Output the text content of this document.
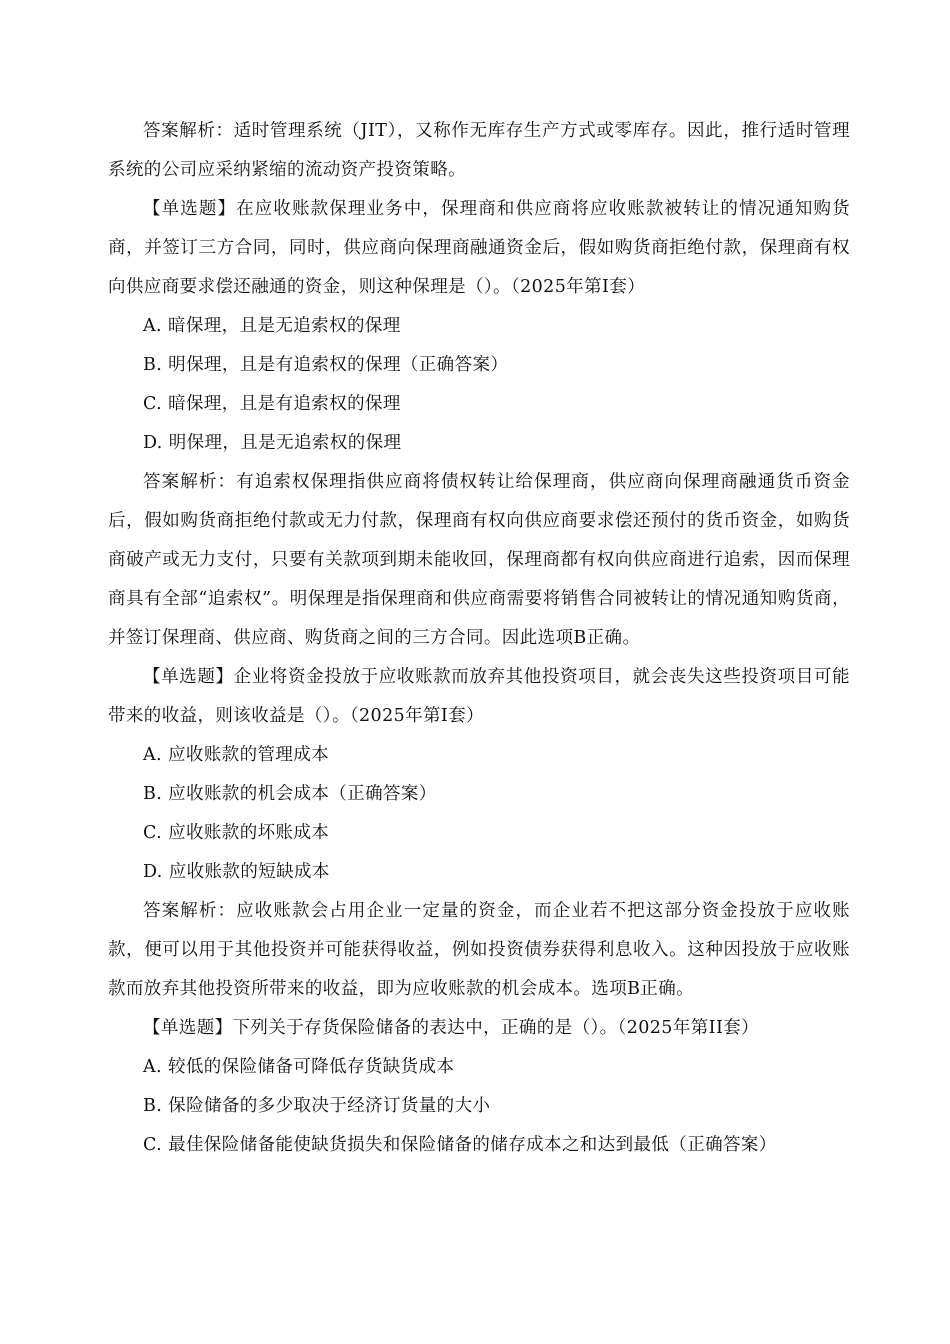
答案解析：适时管理系统（JIT），又称作无库存生产方式或零库存。因此，推行适时管理系统的公司应采纳紧缩的流动资产投资策略。

【单选题】在应收账款保理业务中，保理商和供应商将应收账款被转让的情况通知购货商，并签订三方合同，同时，供应商向保理商融通资金后，假如购货商拒绝付款，保理商有权向供应商要求偿还融通的资金，则这种保理是（）。（2025年第I套）

A. 暗保理，且是无追索权的保理

B. 明保理，且是有追索权的保理（正确答案）

C. 暗保理，且是有追索权的保理

D. 明保理，且是无追索权的保理

答案解析：有追索权保理指供应商将债权转让给保理商，供应商向保理商融通货币资金后，假如购货商拒绝付款或无力付款，保理商有权向供应商要求偿还预付的货币资金，如购货商破产或无力支付，只要有关款项到期未能收回，保理商都有权向供应商进行追索，因而保理商具有全部“追索权”。明保理是指保理商和供应商需要将销售合同被转让的情况通知购货商，并签订保理商、供应商、购货商之间的三方合同。因此选项B正确。

【单选题】企业将资金投放于应收账款而放弃其他投资项目，就会丧失这些投资项目可能带来的收益，则该收益是（）。（2025年第I套）

A. 应收账款的管理成本

B. 应收账款的机会成本（正确答案）

C. 应收账款的坏账成本

D. 应收账款的短缺成本

答案解析：应收账款会占用企业一定量的资金，而企业若不把这部分资金投放于应收账款，便可以用于其他投资并可能获得收益，例如投资债券获得利息收入。这种因投放于应收账款而放弃其他投资所带来的收益，即为应收账款的机会成本。选项B正确。

【单选题】下列关于存货保险储备的表达中，正确的是（）。（2025年第II套）

A. 较低的保险储备可降低存货缺货成本

B. 保险储备的多少取决于经济订货量的大小

C. 最佳保险储备能使缺货损失和保险储备的储存成本之和达到最低（正确答案）
